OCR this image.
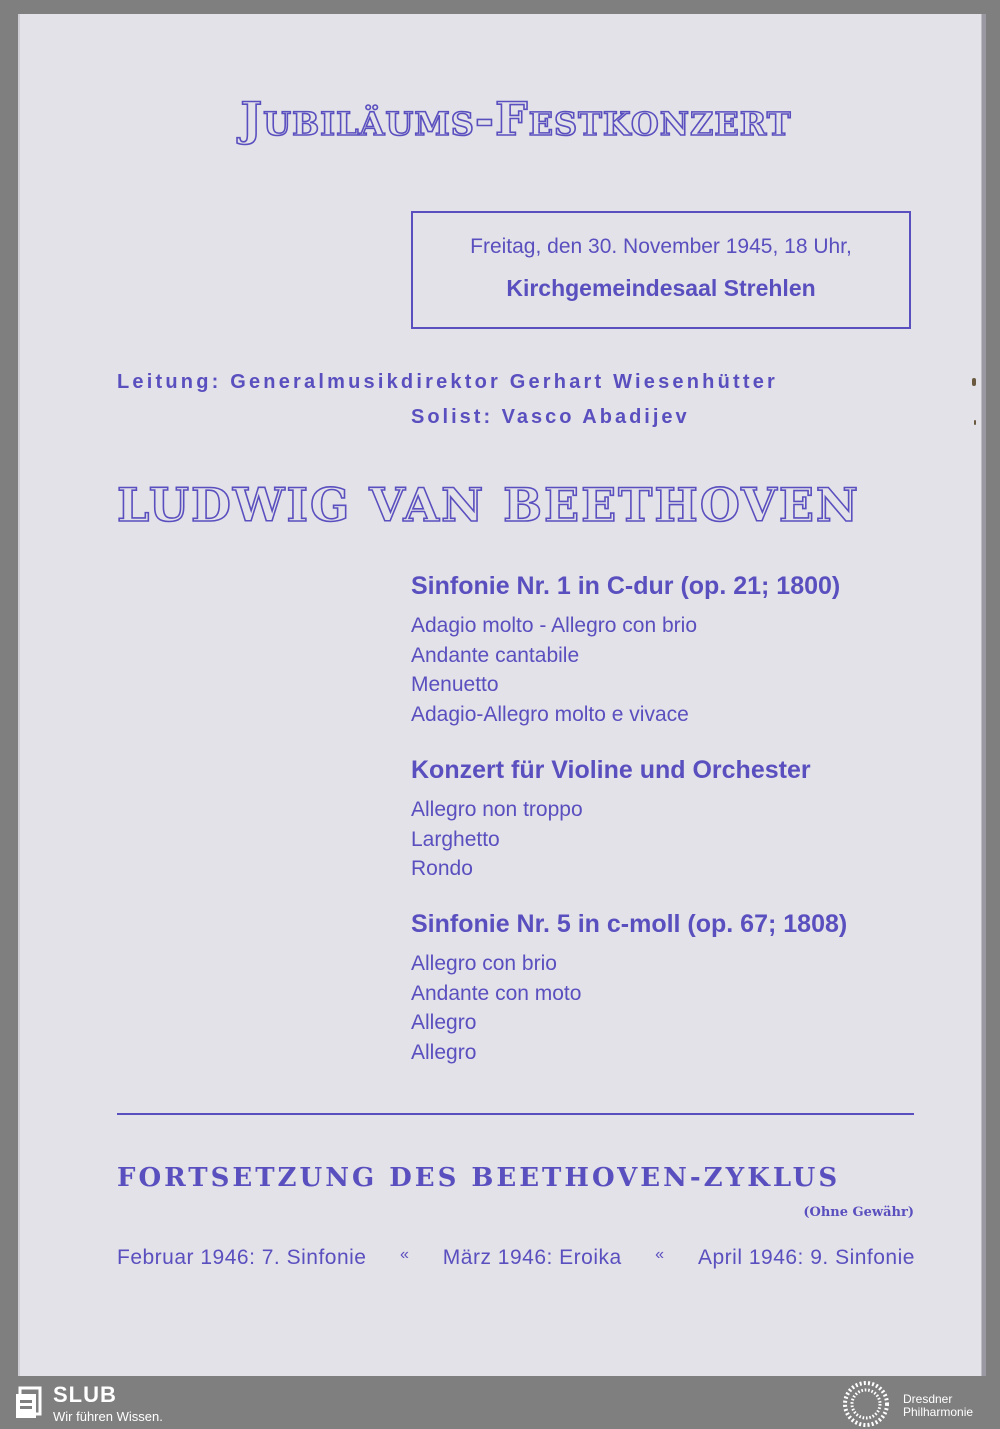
Jubiläums-Festkonzert
Freitag, den 30. November 1945, 18 Uhr,
Kirchgemeindesaal Strehlen
Leitung: Generalmusikdirektor Gerhart Wiesenhütter
Solist: Vasco Abadijev
LUDWIG VAN BEETHOVEN
Sinfonie Nr. 1 in C-dur (op. 21; 1800)
Adagio molto - Allegro con brio
Andante cantabile
Menuetto
Adagio-Allegro molto e vivace
Konzert für Violine und Orchester
Allegro non troppo
Larghetto
Rondo
Sinfonie Nr. 5 in c-moll (op. 67; 1808)
Allegro con brio
Andante con moto
Allegro
Allegro
FORTSETZUNG DES BEETHOVEN-ZYKLUS
(Ohne Gewähr)
Februar 1946: 7. Sinfonie « März 1946: Eroika « April 1946: 9. Sinfonie
SLUB
Wir führen Wissen.
Dresdner
Philharmonie
